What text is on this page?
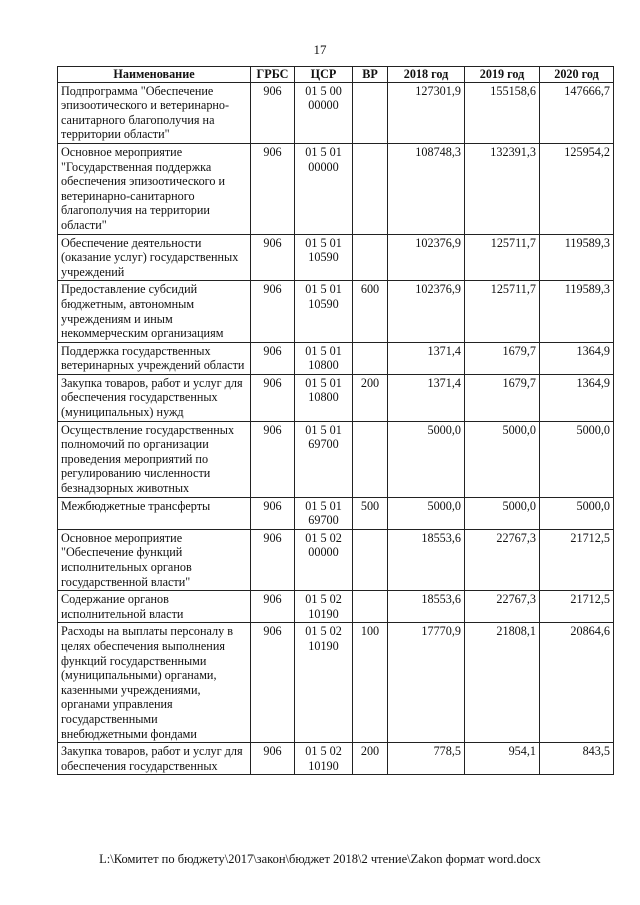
17
Наименование	ГРБС	ЦСР	ВР	2018 год	2019 год	2020 год
Подпрограмма "Обеспечение эпизоотического и ветеринарно-санитарного благополучия на территории области"	906	01 5 00 00000		127301,9	155158,6	147666,7
Основное мероприятие "Государственная поддержка обеспечения эпизоотического и ветеринарно-санитарного благополучия на территории области"	906	01 5 01 00000		108748,3	132391,3	125954,2
Обеспечение деятельности (оказание услуг) государственных учреждений	906	01 5 01 10590		102376,9	125711,7	119589,3
Предоставление субсидий бюджетным, автономным учреждениям и иным некоммерческим организациям	906	01 5 01 10590	600	102376,9	125711,7	119589,3
Поддержка государственных ветеринарных учреждений области	906	01 5 01 10800		1371,4	1679,7	1364,9
Закупка товаров, работ и услуг для обеспечения государственных (муниципальных) нужд	906	01 5 01 10800	200	1371,4	1679,7	1364,9
Осуществление государственных полномочий по организации проведения мероприятий по регулированию численности безнадзорных животных	906	01 5 01 69700		5000,0	5000,0	5000,0
Межбюджетные трансферты	906	01 5 01 69700	500	5000,0	5000,0	5000,0
Основное мероприятие "Обеспечение функций исполнительных органов государственной власти"	906	01 5 02 00000		18553,6	22767,3	21712,5
Содержание органов исполнительной власти	906	01 5 02 10190		18553,6	22767,3	21712,5
Расходы на выплаты персоналу в целях обеспечения выполнения функций государственными (муниципальными) органами, казенными учреждениями, органами управления государственными внебюджетными фондами	906	01 5 02 10190	100	17770,9	21808,1	20864,6
Закупка товаров, работ и услуг для обеспечения государственных	906	01 5 02 10190	200	778,5	954,1	843,5
L:\Комитет по бюджету\2017\закон\бюджет 2018\2 чтение\Zakon формат word.docx
